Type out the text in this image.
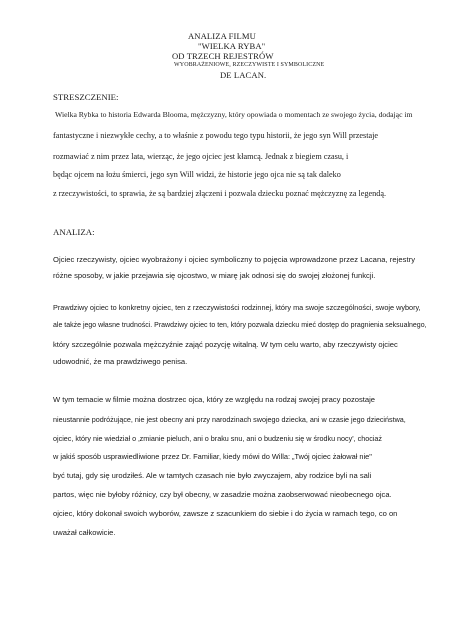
ANALIZA FILMU
"WIELKA RYBA"
OD TRZECH REJESTRÓW
WYOBRAŻENIOWE, RZECZYWISTE I SYMBOLICZNE
DE LACAN.
STRESZCZENIE:
Wielka Rybka to historia Edwarda Blooma, mężczyzny, który opowiada o momentach ze swojego życia, dodając im
fantastyczne i niezwykłe cechy, a to właśnie z powodu tego typu historii, że jego syn Will przestaje
rozmawiać z nim przez lata, wierząc, że jego ojciec jest kłamcą. Jednak z biegiem czasu, i
będąc ojcem na łożu śmierci, jego syn Will widzi, że historie jego ojca nie są tak daleko
z rzeczywistości, to sprawia, że są bardziej złączeni i pozwala dziecku poznać mężczyznę za legendą.
ANALIZA:
Ojciec rzeczywisty, ojciec wyobrażony i ojciec symboliczny to pojęcia wprowadzone przez Lacana, rejestry
różne sposoby, w jakie przejawia się ojcostwo, w miarę jak odnosi się do swojej złożonej funkcji.
Prawdziwy ojciec to konkretny ojciec, ten z rzeczywistości rodzinnej, który ma swoje szczególności, swoje wybory,
ale także jego własne trudności. Prawdziwy ojciec to ten, który pozwala dziecku mieć dostęp do pragnienia seksualnego,
który szczególnie pozwala mężczyźnie zająć pozycję witalną. W tym celu warto, aby rzeczywisty ojciec
udowodnić, że ma prawdziwego penisa.
W tym temacie w filmie można dostrzec ojca, który ze względu na rodzaj swojej pracy pozostaje
nieustannie podróżujące, nie jest obecny ani przy narodzinach swojego dziecka, ani w czasie jego dzieciństwa,
ojciec, który nie wiedział o ‚zmianie pieluch, ani o braku snu, ani o budzeniu się w środku nocy', chociaż
w jakiś sposób usprawiedliwione przez Dr. Familiar, kiedy mówi do Willa: „Twój ojciec żałował nie"
być tutaj, gdy się urodziłeś. Ale w tamtych czasach nie było zwyczajem, aby rodzice byli na sali
partos, więc nie byłoby różnicy, czy był obecny, w zasadzie można zaobserwować nieobecnego ojca.
ojciec, który dokonał swoich wyborów, zawsze z szacunkiem do siebie i do życia w ramach tego, co on
uważał całkowicie.
